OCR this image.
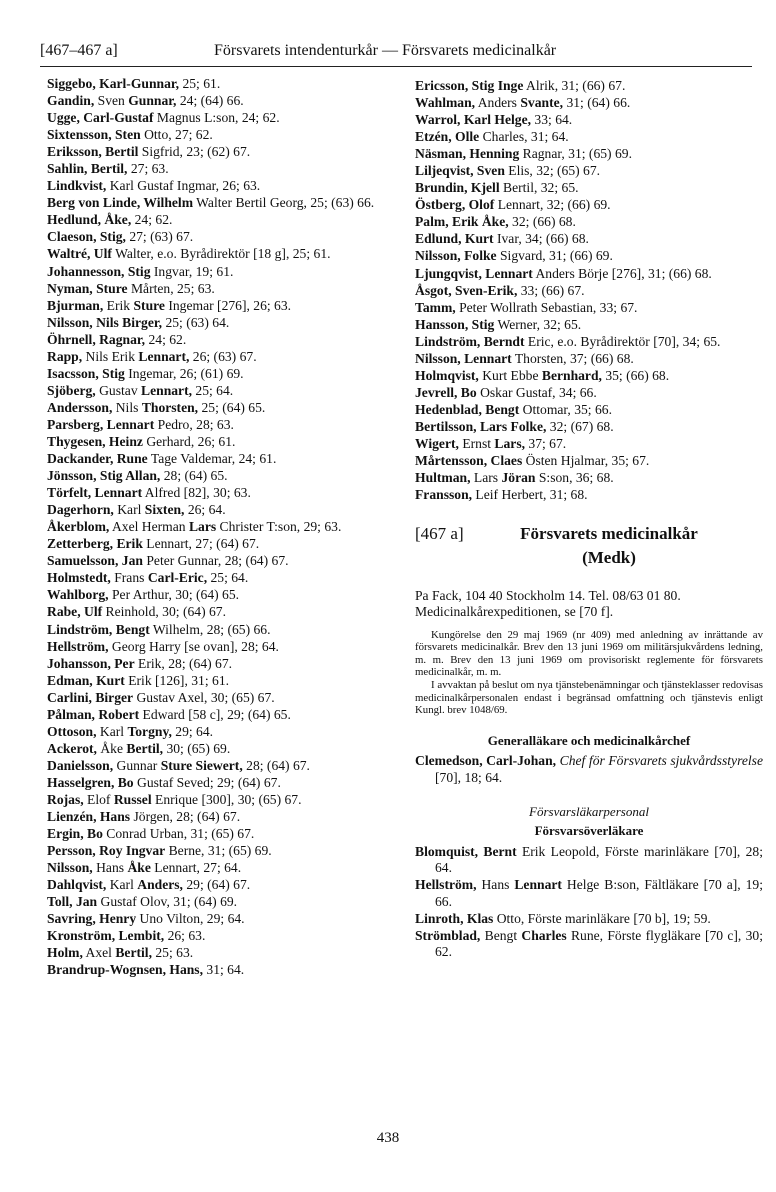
[467–467 a]	Försvarets intendenturkår — Försvarets medicinalkår
Siggebo, Karl-Gunnar, 25; 61.
Gandin, Sven Gunnar, 24; (64) 66.
Ugge, Carl-Gustaf Magnus L:son, 24; 62.
Sixtensson, Sten Otto, 27; 62.
Eriksson, Bertil Sigfrid, 23; (62) 67.
Sahlin, Bertil, 27; 63.
Lindkvist, Karl Gustaf Ingmar, 26; 63.
Berg von Linde, Wilhelm Walter Bertil Georg, 25; (63) 66.
Hedlund, Åke, 24; 62.
Claeson, Stig, 27; (63) 67.
Waltré, Ulf Walter, e.o. Byrådirektör [18 g], 25; 61.
Johannesson, Stig Ingvar, 19; 61.
Nyman, Sture Mårten, 25; 63.
Bjurman, Erik Sture Ingemar [276], 26; 63.
Nilsson, Nils Birger, 25; (63) 64.
Öhrnell, Ragnar, 24; 62.
Rapp, Nils Erik Lennart, 26; (63) 67.
Isacsson, Stig Ingemar, 26; (61) 69.
Sjöberg, Gustav Lennart, 25; 64.
Andersson, Nils Thorsten, 25; (64) 65.
Parsberg, Lennart Pedro, 28; 63.
Thygesen, Heinz Gerhard, 26; 61.
Dackander, Rune Tage Valdemar, 24; 61.
Jönsson, Stig Allan, 28; (64) 65.
Törfelt, Lennart Alfred [82], 30; 63.
Dagerhorn, Karl Sixten, 26; 64.
Åkerblom, Axel Herman Lars Christer T:son, 29; 63.
Zetterberg, Erik Lennart, 27; (64) 67.
Samuelsson, Jan Peter Gunnar, 28; (64) 67.
Holmstedt, Frans Carl-Eric, 25; 64.
Wahlborg, Per Arthur, 30; (64) 65.
Rabe, Ulf Reinhold, 30; (64) 67.
Lindström, Bengt Wilhelm, 28; (65) 66.
Hellström, Georg Harry [se ovan], 28; 64.
Johansson, Per Erik, 28; (64) 67.
Edman, Kurt Erik [126], 31; 61.
Carlini, Birger Gustav Axel, 30; (65) 67.
Pålman, Robert Edward [58 c], 29; (64) 65.
Ottoson, Karl Torgny, 29; 64.
Ackerot, Åke Bertil, 30; (65) 69.
Danielsson, Gunnar Sture Siewert, 28; (64) 67.
Hasselgren, Bo Gustaf Seved; 29; (64) 67.
Rojas, Elof Russel Enrique [300], 30; (65) 67.
Lienzén, Hans Jörgen, 28; (64) 67.
Ergin, Bo Conrad Urban, 31; (65) 67.
Persson, Roy Ingvar Berne, 31; (65) 69.
Nilsson, Hans Åke Lennart, 27; 64.
Dahlqvist, Karl Anders, 29; (64) 67.
Toll, Jan Gustaf Olov, 31; (64) 69.
Savring, Henry Uno Vilton, 29; 64.
Kronström, Lembit, 26; 63.
Holm, Axel Bertil, 25; 63.
Brandrup-Wognsen, Hans, 31; 64.
Ericsson, Stig Inge Alrik, 31; (66) 67.
Wahlman, Anders Svante, 31; (64) 66.
Warrol, Karl Helge, 33; 64.
Etzén, Olle Charles, 31; 64.
Näsman, Henning Ragnar, 31; (65) 69.
Liljeqvist, Sven Elis, 32; (65) 67.
Brundin, Kjell Bertil, 32; 65.
Östberg, Olof Lennart, 32; (66) 69.
Palm, Erik Åke, 32; (66) 68.
Edlund, Kurt Ivar, 34; (66) 68.
Nilsson, Folke Sigvard, 31; (66) 69.
Ljungqvist, Lennart Anders Börje [276], 31; (66) 68.
Åsgot, Sven-Erik, 33; (66) 67.
Tamm, Peter Wollrath Sebastian, 33; 67.
Hansson, Stig Werner, 32; 65.
Lindström, Berndt Eric, e.o. Byrådirektör [70], 34; 65.
Nilsson, Lennart Thorsten, 37; (66) 68.
Holmqvist, Kurt Ebbe Bernhard, 35; (66) 68.
Jevrell, Bo Oskar Gustaf, 34; 66.
Hedenblad, Bengt Ottomar, 35; 66.
Bertilsson, Lars Folke, 32; (67) 68.
Wigert, Ernst Lars, 37; 67.
Mårtensson, Claes Östen Hjalmar, 35; 67.
Hultman, Lars Jöran S:son, 36; 68.
Fransson, Leif Herbert, 31; 68.
[467 a]	Försvarets medicinalkår
(Medk)
Pa Fack, 104 40 Stockholm 14. Tel. 08/63 01 80. Medicinalkårexpeditionen, se [70 f].
Kungörelse den 29 maj 1969 (nr 409) med anledning av inrättande av försvarets medicinalkår. Brev den 13 juni 1969 om militärsjukvårdens ledning, m. m. Brev den 13 juni 1969 om provisoriskt reglemente för försvarets medicinalkår, m. m.
I avvaktan på beslut om nya tjänstebenämningar och tjänsteklasser redovisas medicinalkårpersonalen endast i begränsad omfattning och tjänstevis enligt Kungl. brev 1048/69.
Generalläkare och medicinalkårchef
Clemedson, Carl-Johan, Chef för Försvarets sjukvårdsstyrelse [70], 18; 64.
Försvarsläkarpersonal
Försvarsöverläkare
Blomquist, Bernt Erik Leopold, Förste marinläkare [70], 28; 64.
Hellström, Hans Lennart Helge B:son, Fältläkare [70 a], 19; 66.
Linroth, Klas Otto, Förste marinläkare [70 b], 19; 59.
Strömblad, Bengt Charles Rune, Förste flygläkare [70 c], 30; 62.
438
